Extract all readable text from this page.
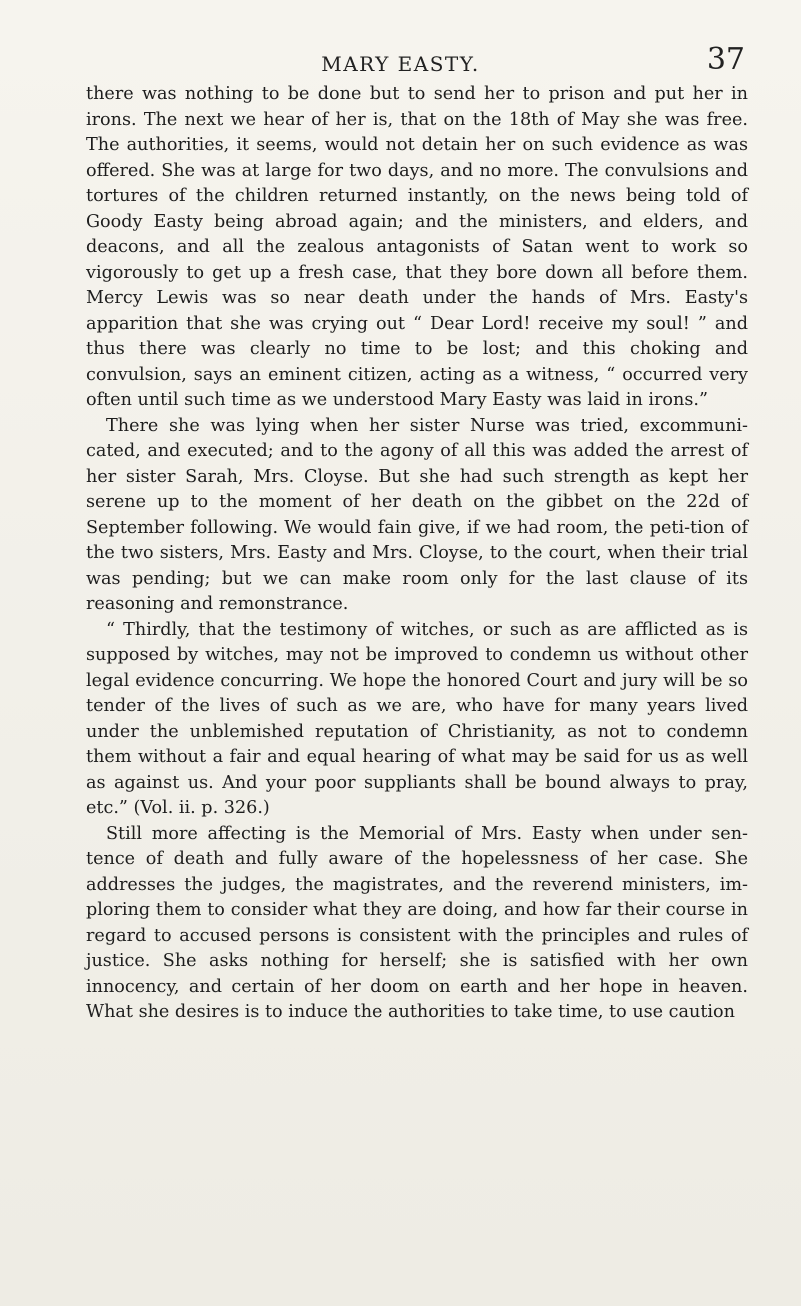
MARY EASTY.	37

there was nothing to be done but to send her to prison and put her in irons. The next we hear of her is, that on the 18th of May she was free. The authorities, it seems, would not detain her on such evidence as was offered. She was at large for two days, and no more. The convulsions and tortures of the children returned instantly, on the news being told of Goody Easty being abroad again; and the ministers, and elders, and deacons, and all the zealous antagonists of Satan went to work so vigorously to get up a fresh case, that they bore down all before them. Mercy Lewis was so near death under the hands of Mrs. Easty's apparition that she was crying out “ Dear Lord! receive my soul! ” and thus there was clearly no time to be lost; and this choking and convulsion, says an eminent citizen, acting as a witness, “ occurred very often until such time as we understood Mary Easty was laid in irons.”

There she was lying when her sister Nurse was tried, excommuni-cated, and executed; and to the agony of all this was added the arrest of her sister Sarah, Mrs. Cloyse. But she had such strength as kept her serene up to the moment of her death on the gibbet on the 22d of September following. We would fain give, if we had room, the peti-tion of the two sisters, Mrs. Easty and Mrs. Cloyse, to the court, when their trial was pending; but we can make room only for the last clause of its reasoning and remonstrance.

“ Thirdly, that the testimony of witches, or such as are afflicted as is supposed by witches, may not be improved to condemn us without other legal evidence concurring. We hope the honored Court and jury will be so tender of the lives of such as we are, who have for many years lived under the unblemished reputation of Christianity, as not to condemn them without a fair and equal hearing of what may be said for us as well as against us. And your poor suppliants shall be bound always to pray, etc.” (Vol. ii. p. 326.)

Still more affecting is the Memorial of Mrs. Easty when under sen-tence of death and fully aware of the hopelessness of her case. She addresses the judges, the magistrates, and the reverend ministers, im-ploring them to consider what they are doing, and how far their course in regard to accused persons is consistent with the principles and rules of justice. She asks nothing for herself; she is satisfied with her own innocency, and certain of her doom on earth and her hope in heaven. What she desires is to induce the authorities to take time, to use caution
